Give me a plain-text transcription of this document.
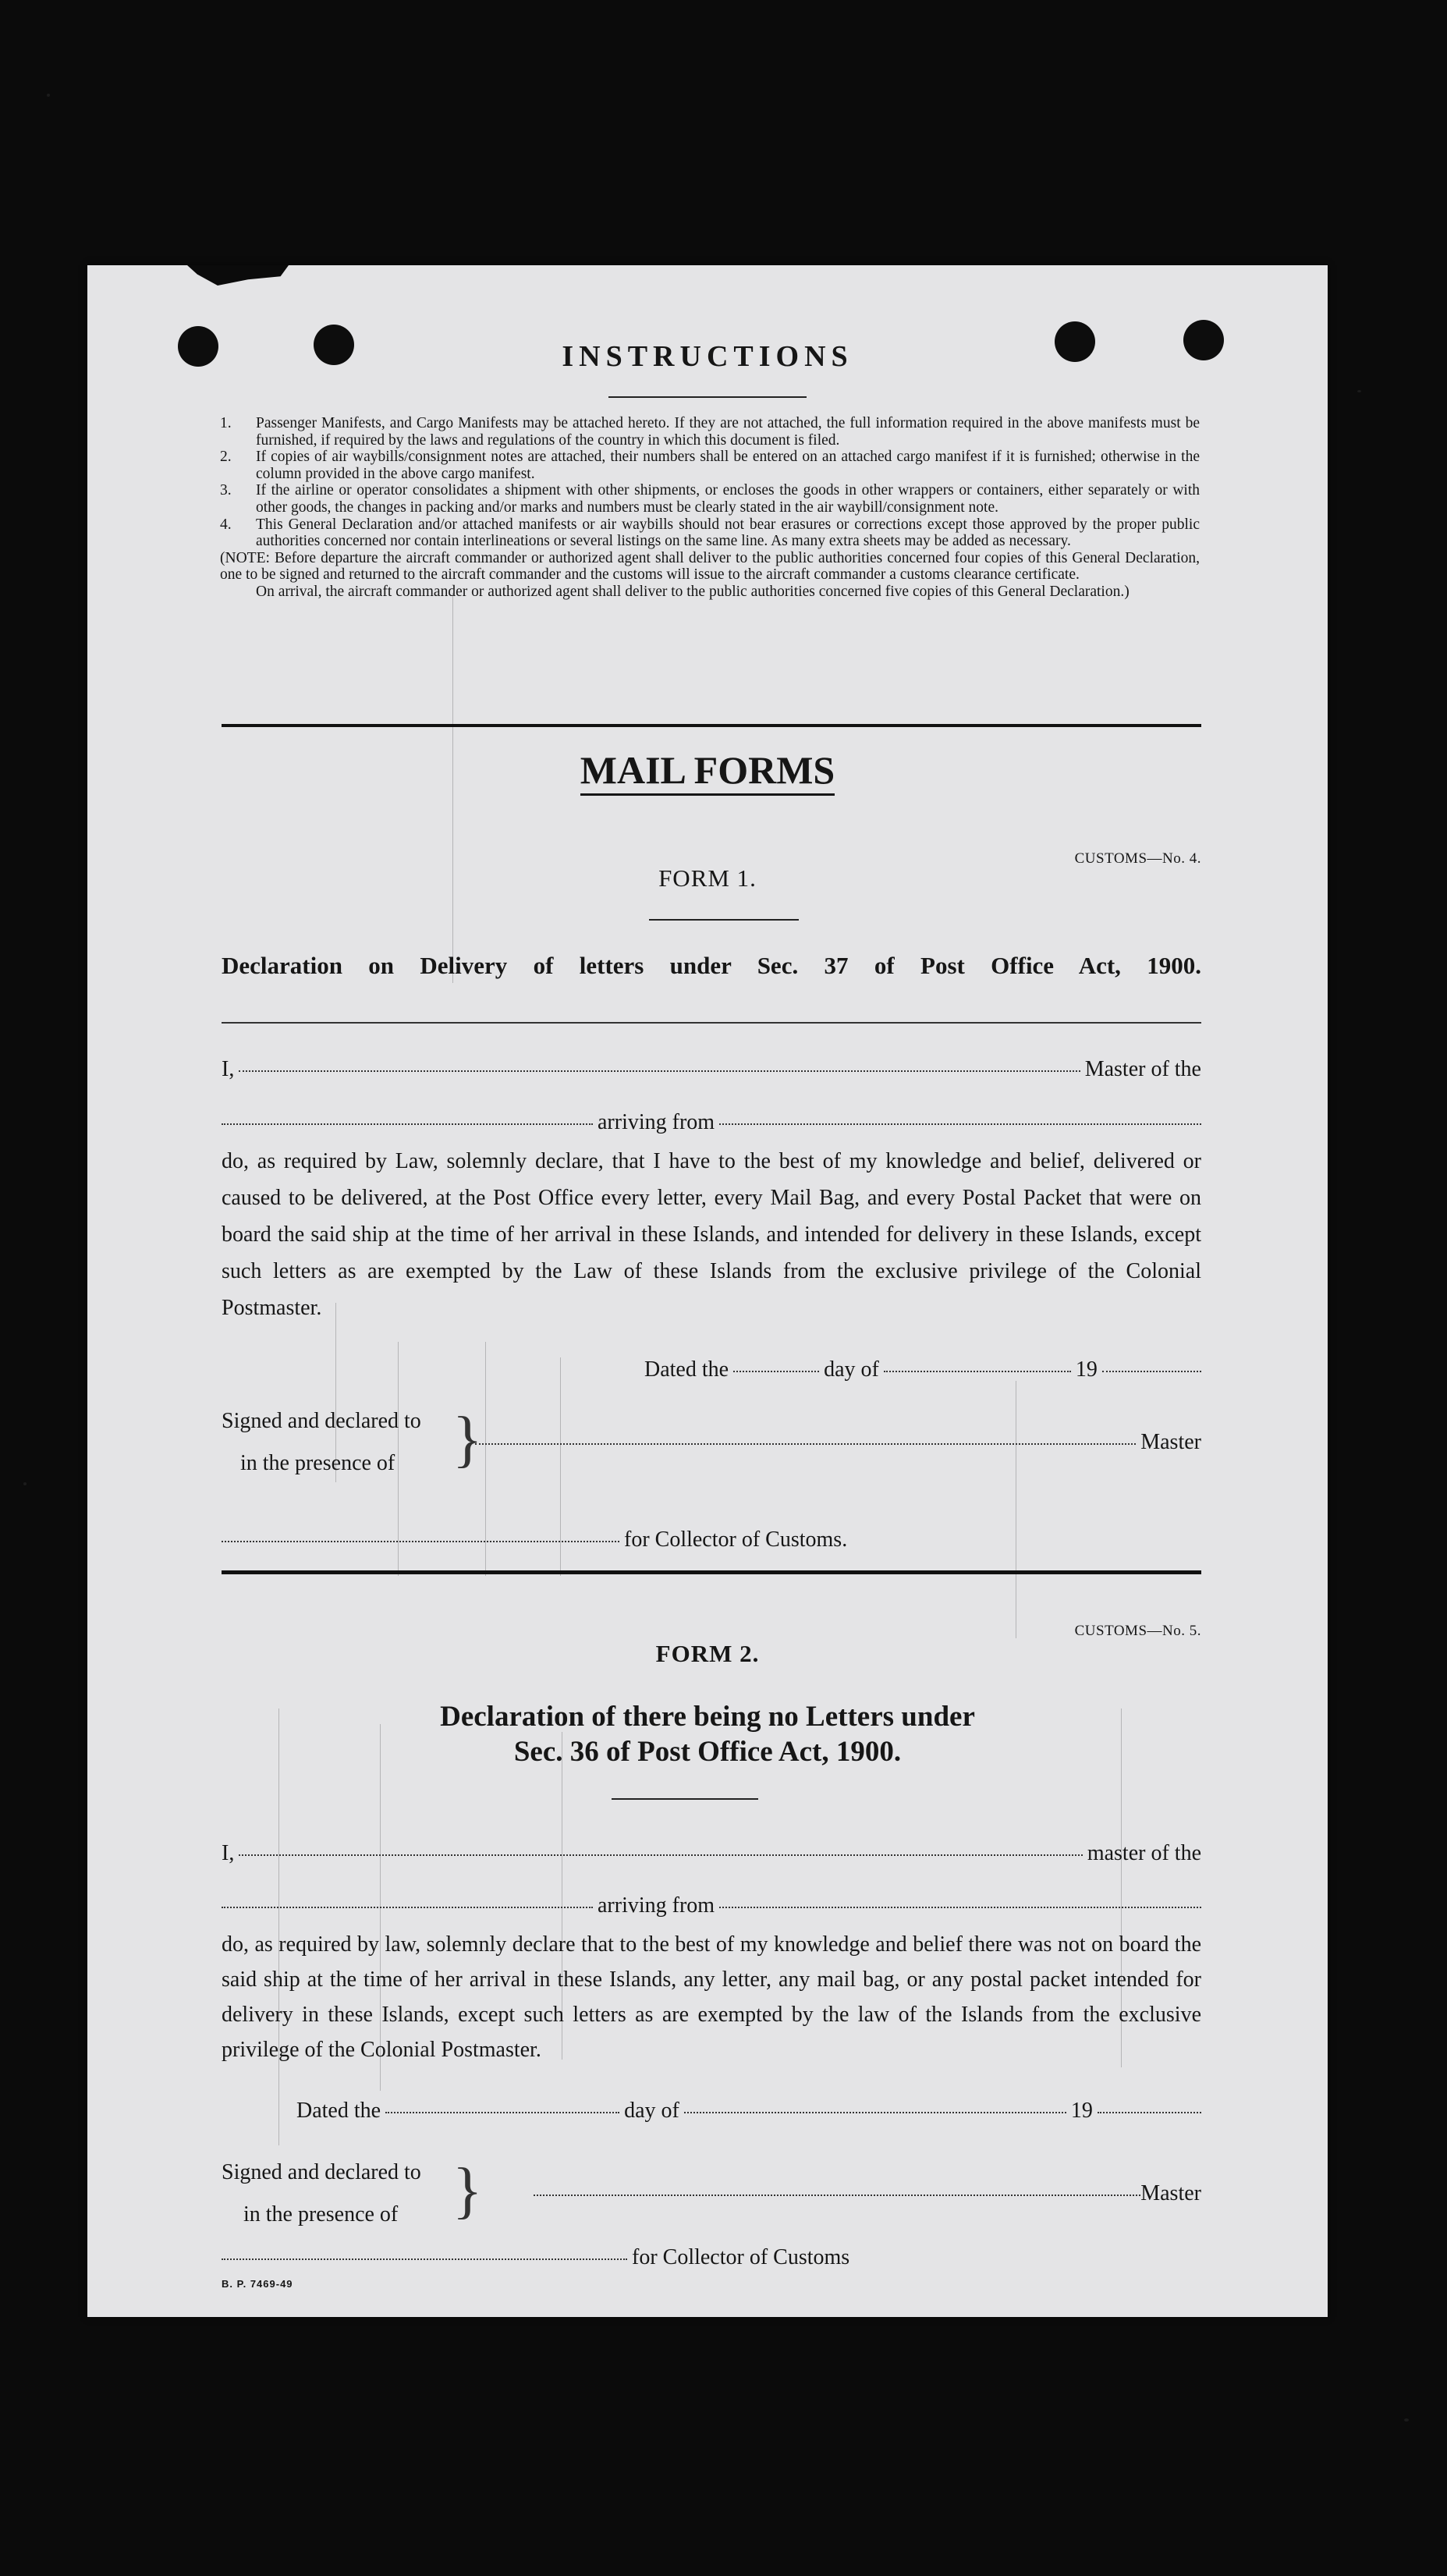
INSTRUCTIONS
1. Passenger Manifests, and Cargo Manifests may be attached hereto. If they are not attached, the full information required in the above manifests must be furnished, if required by the laws and regulations of the country in which this document is filed.
2. If copies of air waybills/consignment notes are attached, their numbers shall be entered on an attached cargo manifest if it is furnished; otherwise in the column provided in the above cargo manifest.
3. If the airline or operator consolidates a shipment with other shipments, or encloses the goods in other wrappers or containers, either separately or with other goods, the changes in packing and/or marks and numbers must be clearly stated in the air waybill/consignment note.
4. This General Declaration and/or attached manifests or air waybills should not bear erasures or corrections except those approved by the proper public authorities concerned nor contain interlineations or several listings on the same line. As many extra sheets may be added as necessary.
(NOTE: Before departure the aircraft commander or authorized agent shall deliver to the public authorities concerned four copies of this General Declaration, one to be signed and returned to the aircraft commander and the customs will issue to the aircraft commander a customs clearance certificate.
On arrival, the aircraft commander or authorized agent shall deliver to the public authorities concerned five copies of this General Declaration.)
MAIL FORMS
CUSTOMS—No. 4.
FORM 1.
Declaration on Delivery of letters under Sec. 37 of Post Office Act, 1900.
I,	Master of the
arriving from
do, as required by Law, solemnly declare, that I have to the best of my knowledge and belief, delivered or caused to be delivered, at the Post Office every letter, every Mail Bag, and every Postal Packet that were on board the said ship at the time of her arrival in these Islands, and intended for delivery in these Islands, except such letters as are exempted by the Law of these Islands from the exclusive privilege of the Colonial Postmaster.
Dated the	day of	19
Signed and declared to
in the presence of }	Master
for Collector of Customs.
CUSTOMS—No. 5.
FORM 2.
Declaration of there being no Letters under
Sec. 36 of Post Office Act, 1900.
I,	master of the
arriving from
do, as required by law, solemnly declare that to the best of my knowledge and belief there was not on board the said ship at the time of her arrival in these Islands, any letter, any mail bag, or any postal packet intended for delivery in these Islands, except such letters as are exempted by the law of the Islands from the exclusive privilege of the Colonial Postmaster.
Dated the	day of	19
Signed and declared to
in the presence of }	Master
for Collector of Customs
B. P. 7469-49
